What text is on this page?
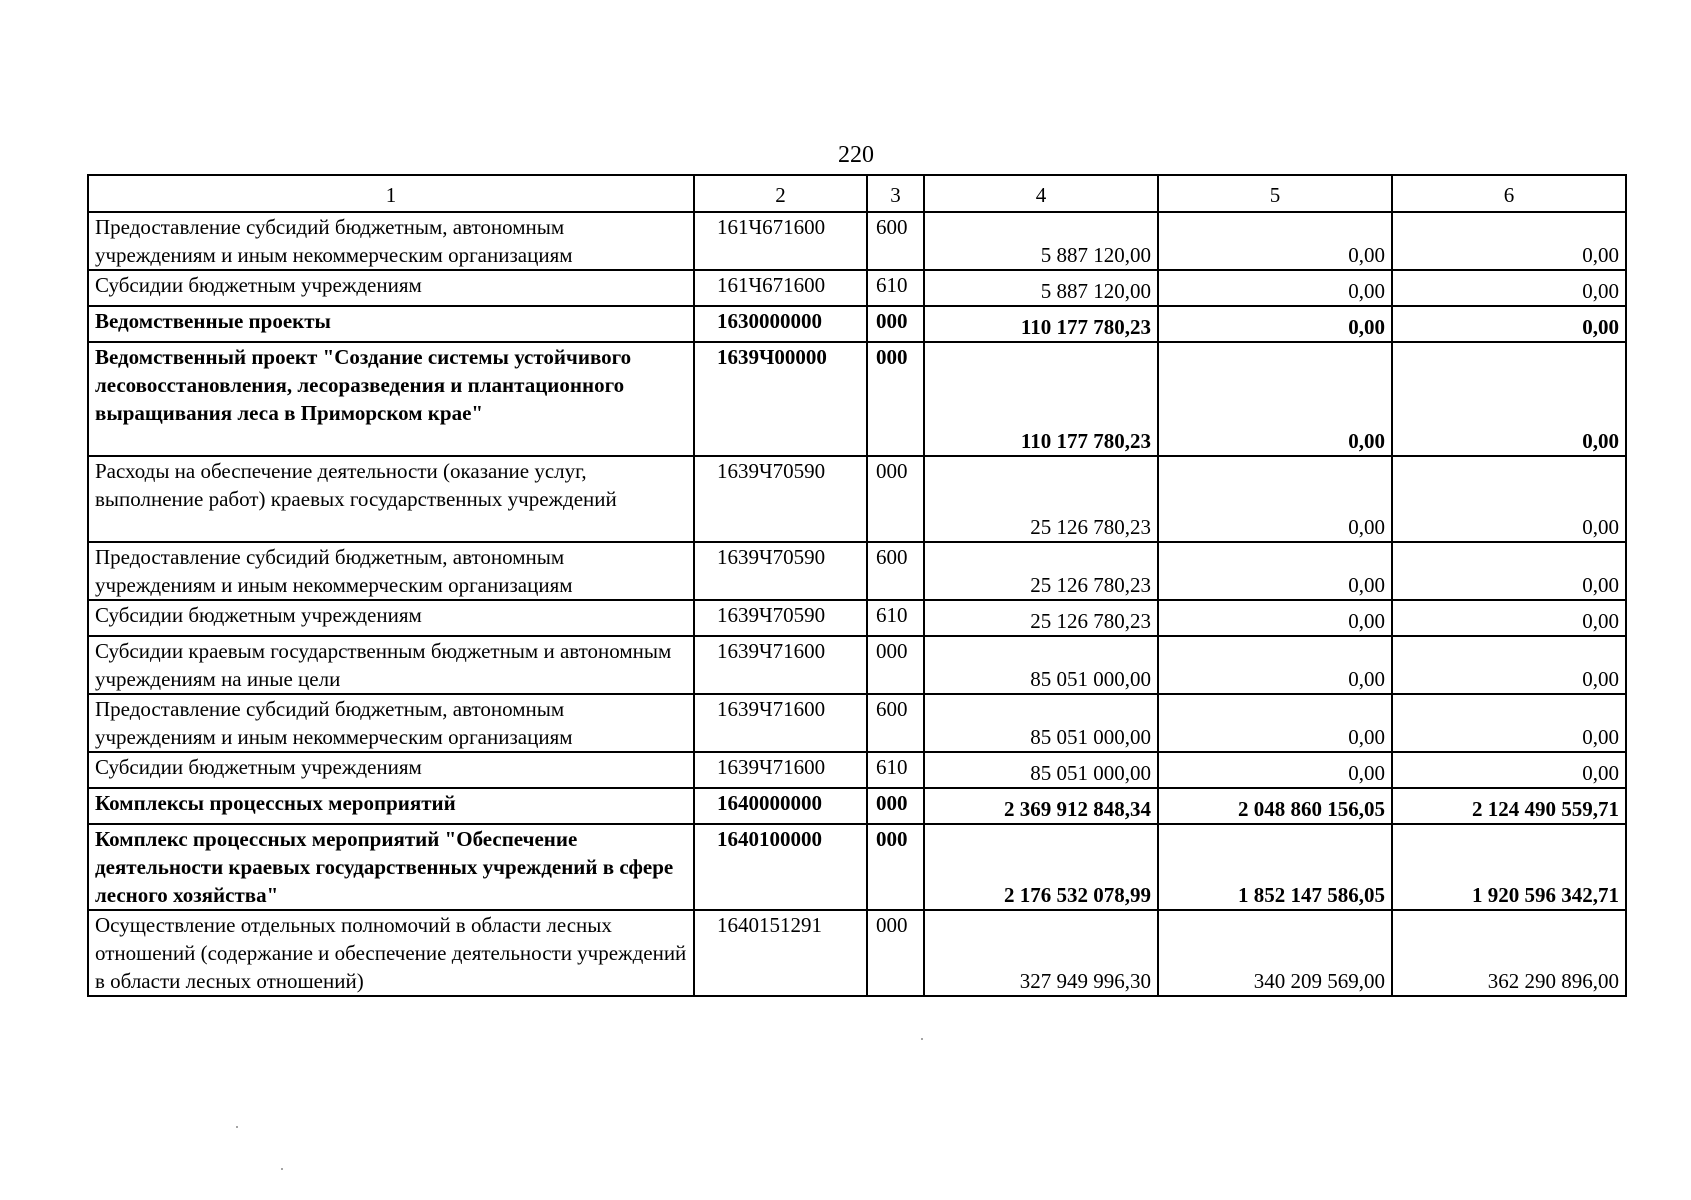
220
1	2	3	4	5	6
Предоставление субсидий бюджетным, автономным учреждениям и иным некоммерческим организациям	161Ч671600	600	5 887 120,00	0,00	0,00
Субсидии бюджетным учреждениям	161Ч671600	610	5 887 120,00	0,00	0,00
Ведомственные проекты	1630000000	000	110 177 780,23	0,00	0,00
Ведомственный проект "Создание системы устойчивого лесовосстановления, лесоразведения и плантационного выращивания леса в Приморском крае"	1639Ч00000	000	110 177 780,23	0,00	0,00
Расходы на обеспечение деятельности (оказание услуг, выполнение работ) краевых государственных учреждений	1639Ч70590	000	25 126 780,23	0,00	0,00
Предоставление субсидий бюджетным, автономным учреждениям и иным некоммерческим организациям	1639Ч70590	600	25 126 780,23	0,00	0,00
Субсидии бюджетным учреждениям	1639Ч70590	610	25 126 780,23	0,00	0,00
Субсидии краевым государственным бюджетным и автономным учреждениям на иные цели	1639Ч71600	000	85 051 000,00	0,00	0,00
Предоставление субсидий бюджетным, автономным учреждениям и иным некоммерческим организациям	1639Ч71600	600	85 051 000,00	0,00	0,00
Субсидии бюджетным учреждениям	1639Ч71600	610	85 051 000,00	0,00	0,00
Комплексы процессных мероприятий	1640000000	000	2 369 912 848,34	2 048 860 156,05	2 124 490 559,71
Комплекс процессных мероприятий "Обеспечение деятельности краевых государственных учреждений в сфере лесного хозяйства"	1640100000	000	2 176 532 078,99	1 852 147 586,05	1 920 596 342,71
Осуществление отдельных полномочий в области лесных отношений (содержание и обеспечение деятельности учреждений в области лесных отношений)	1640151291	000	327 949 996,30	340 209 569,00	362 290 896,00
